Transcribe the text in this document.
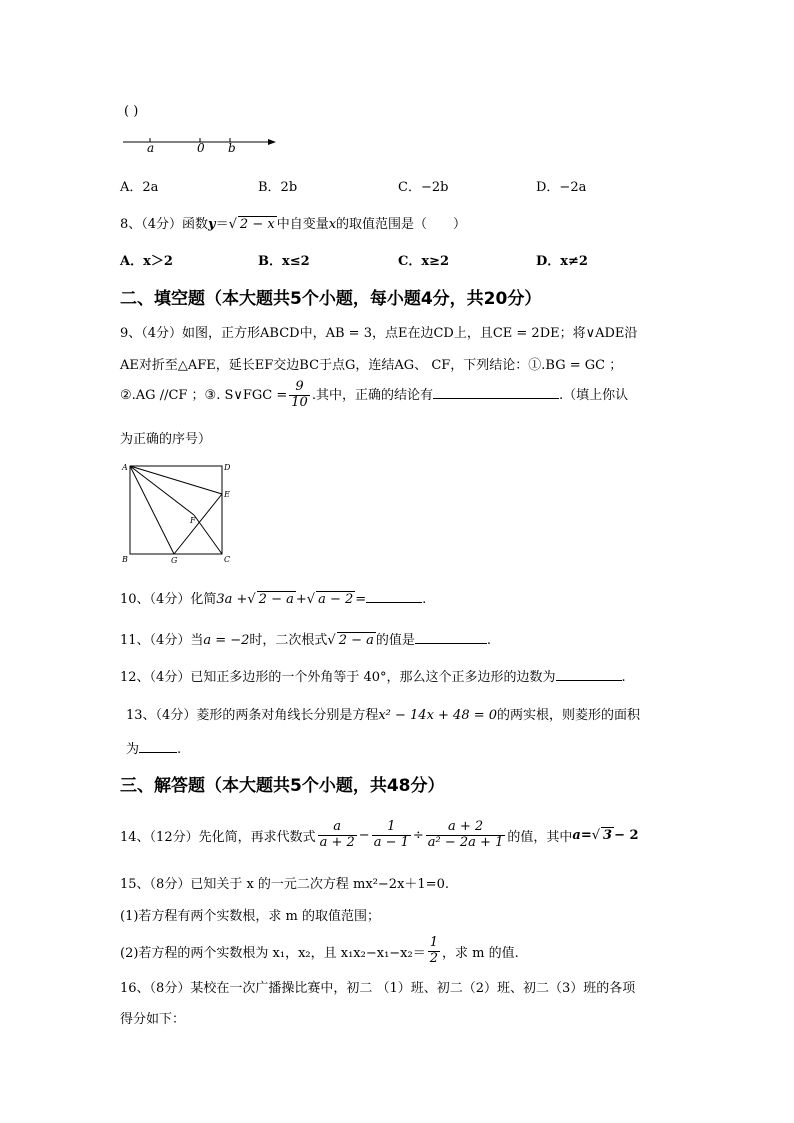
( )
a	0 b
A．2a	B．2b	C．−2b	D．−2a
8、（4分）函数y＝√ 2 − x 中自变量x的取值范围是（　　）
A．x＞2	B．x≤2	C．x≥2	D．x≠2
二、填空题（本大题共5个小题，每小题4分，共20分）
9、（4分）如图，正方形ABCD中，AB = 3，点E在边CD上，且CE = 2DE；将∨ADE沿
AE对折至△AFE，延长EF交边BC于点G，连结AG、 CF，下列结论：①.BG = GC ；
②.AG ∕∕CF ；③. S∨FGC = $\frac{9}{10}$ .其中，正确的结论有	.（填上你认
为正确的序号）
A	D
E
F
B	G	C
10、（4分）化简3a +√ 2 − a +√ a − 2 =	.
11、（4分）当a = −2时，二次根式√ 2 − a 的值是	.
12、（4分）已知正多边形的一个外角等于 40°，那么这个正多边形的边数为	.
13、（4分）菱形的两条对角线长分别是方程x² − 14x + 48 = 0的两实根，则菱形的面积
为	.
三、解答题（本大题共5个小题，共48分）
14、（12分）先化简，再求代数式 $\frac{a}{a + 2} - \frac{1}{a - 1} \div \frac{a + 2}{\text{a² − 2a + 1}}$ 的值，其中 a = √ 3 − 2
15、（8分）已知关于 x 的一元二次方程 mx²−2x＋1=0.
(1)若方程有两个实数根，求 m 的取值范围；
(2)若方程的两个实数根为 x₁，x₂，且 $x_1x_2-x_1-x_2= \frac{1}{2}$ ，求 m 的值.
16、（8分）某校在一次广播操比赛中，初二 （1）班、初二（2）班、初二（3）班的各项
得分如下：
